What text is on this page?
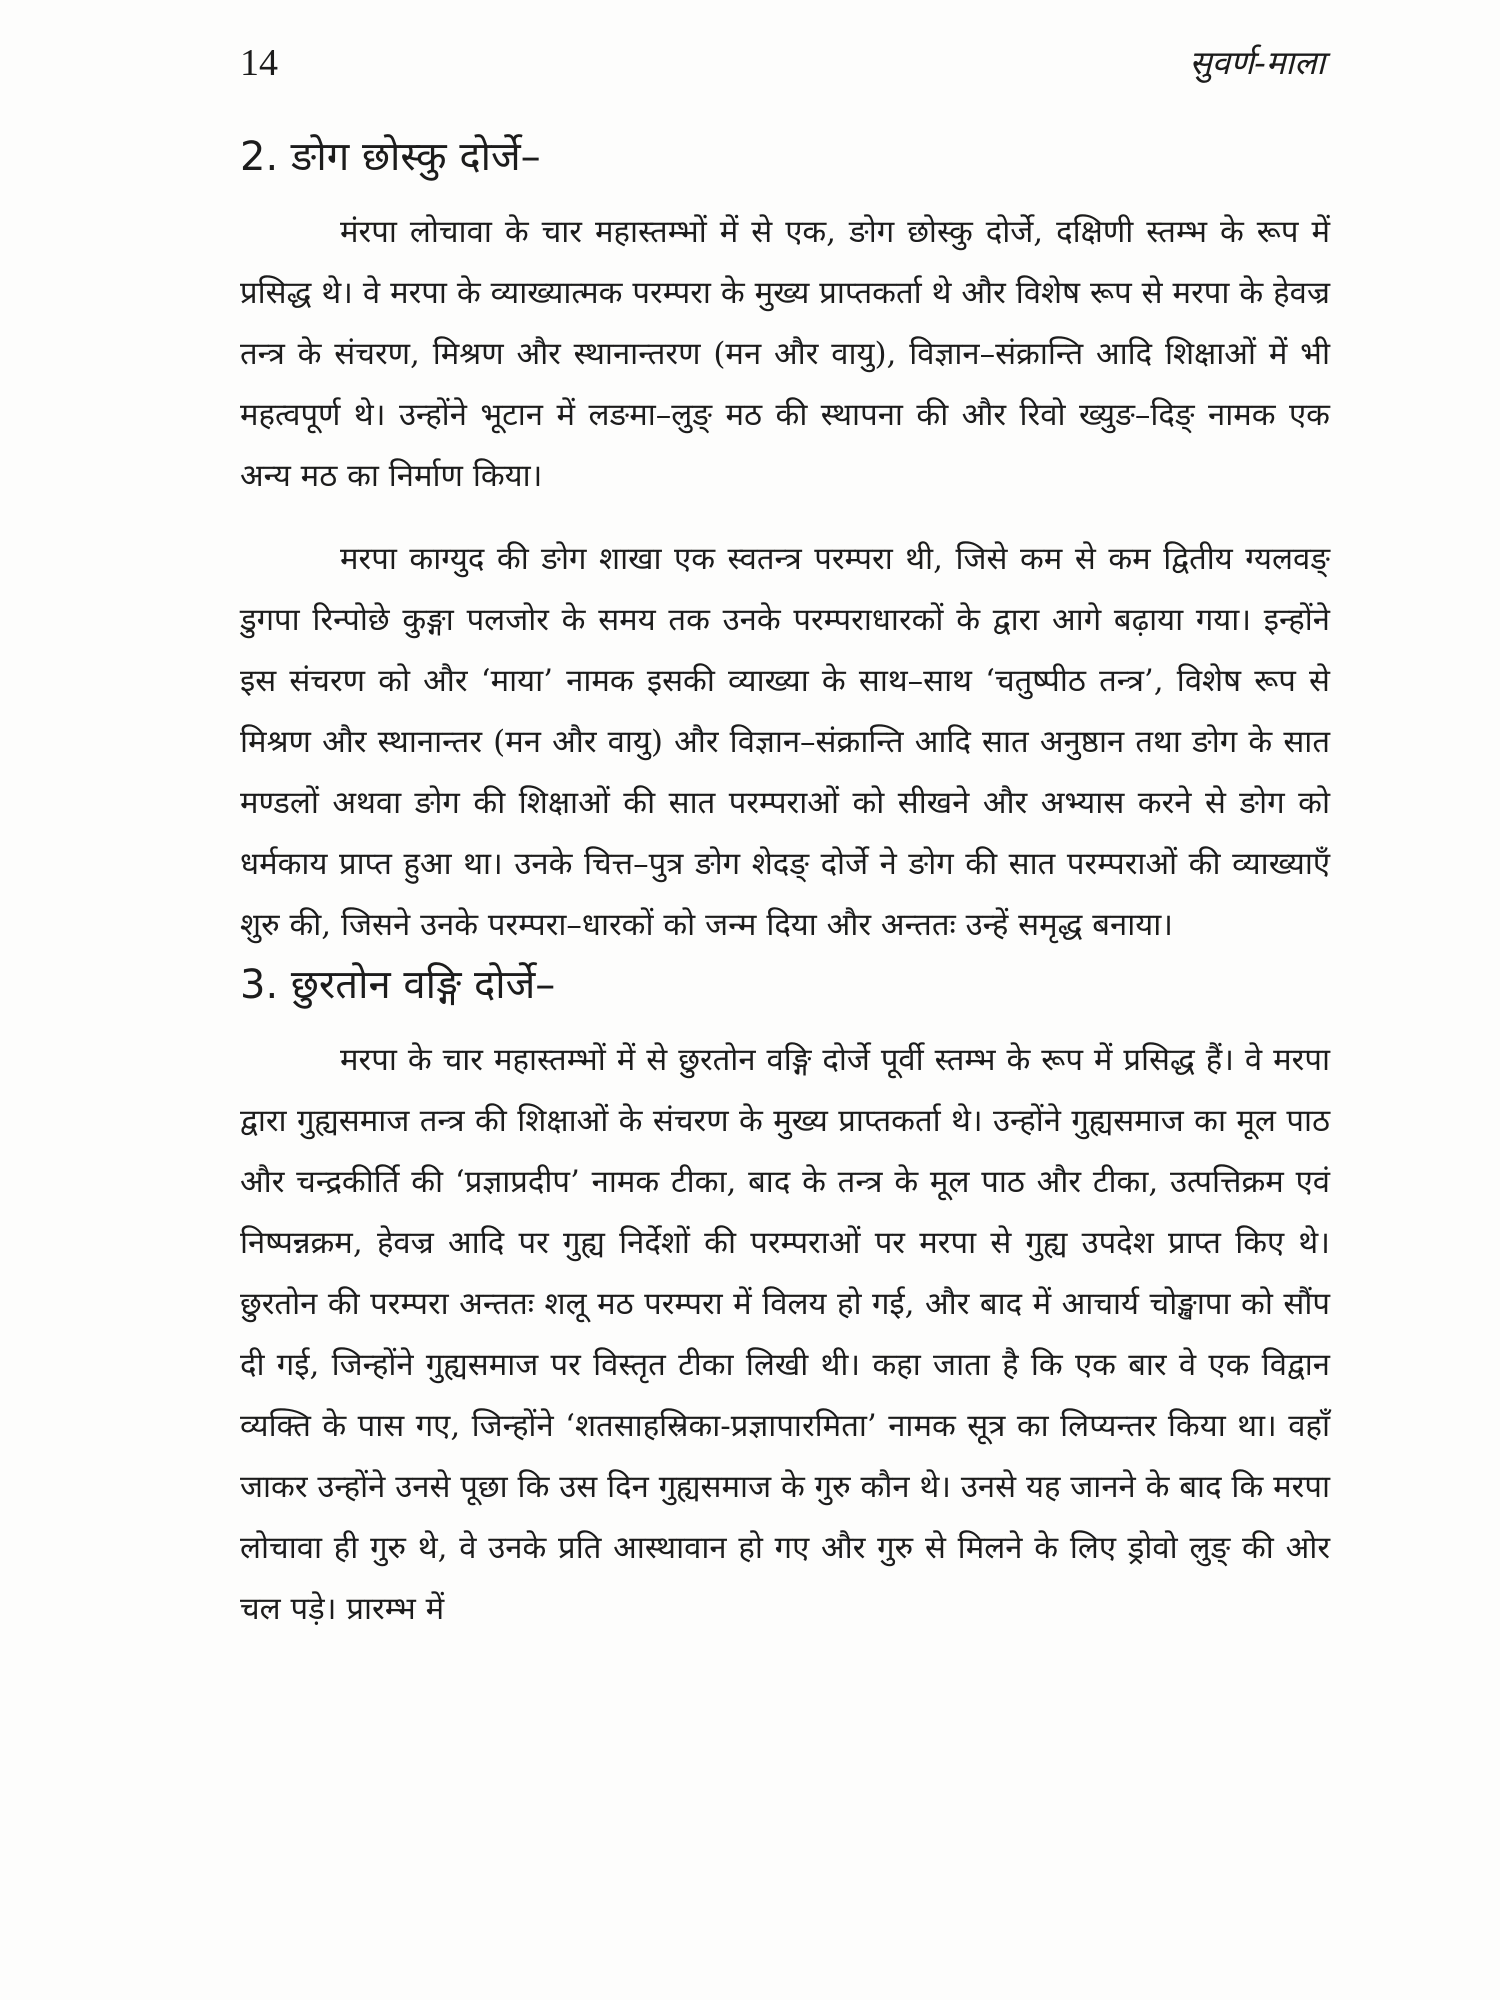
14	सुवर्ण-माला
2. ङोग छोस्कु दोर्जे–

मंरपा लोचावा के चार महास्तम्भों में से एक, ङोग छोस्कु दोर्जे, दक्षिणी स्तम्भ के रूप में प्रसिद्ध थे। वे मरपा के व्याख्यात्मक परम्परा के मुख्य प्राप्तकर्ता थे और विशेष रूप से मरपा के हेवज्र तन्त्र के संचरण, मिश्रण और स्थानान्तरण (मन और वायु), विज्ञान–संक्रान्ति आदि शिक्षाओं में भी महत्वपूर्ण थे। उन्होंने भूटान में लङमा–लुङ् मठ की स्थापना की और रिवो ख्युङ–दिङ् नामक एक अन्य मठ का निर्माण किया।

मरपा काग्युद की ङोग शाखा एक स्वतन्त्र परम्परा थी, जिसे कम से कम द्वितीय ग्यलवङ् डुगपा रिन्पोछे कुङ्गा पलजोर के समय तक उनके परम्पराधारकों के द्वारा आगे बढ़ाया गया। इन्होंने इस संचरण को और ‘माया’ नामक इसकी व्याख्या के साथ–साथ ‘चतुष्पीठ तन्त्र’, विशेष रूप से मिश्रण और स्थानान्तर (मन और वायु) और विज्ञान–संक्रान्ति आदि सात अनुष्ठान तथा ङोग के सात मण्डलों अथवा ङोग की शिक्षाओं की सात परम्पराओं को सीखने और अभ्यास करने से ङोग को धर्मकाय प्राप्त हुआ था। उनके चित्त–पुत्र ङोग शेदङ् दोर्जे ने ङोग की सात परम्पराओं की व्याख्याएँ शुरु की, जिसने उनके परम्परा–धारकों को जन्म दिया और अन्ततः उन्हें समृद्ध बनाया।

3. छुरतोन वङ्गि दोर्जे–

मरपा के चार महास्तम्भों में से छुरतोन वङ्गि दोर्जे पूर्वी स्तम्भ के रूप में प्रसिद्ध हैं। वे मरपा द्वारा गुह्यसमाज तन्त्र की शिक्षाओं के संचरण के मुख्य प्राप्तकर्ता थे। उन्होंने गुह्यसमाज का मूल पाठ और चन्द्रकीर्ति की ‘प्रज्ञाप्रदीप’ नामक टीका, बाद के तन्त्र के मूल पाठ और टीका, उत्पत्तिक्रम एवं निष्पन्नक्रम, हेवज्र आदि पर गुह्य निर्देशों की परम्पराओं पर मरपा से गुह्य उपदेश प्राप्त किए थे। छुरतोन की परम्परा अन्ततः शलू मठ परम्परा में विलय हो गई, और बाद में आचार्य चोङ्खापा को सौंप दी गई, जिन्होंने गुह्यसमाज पर विस्तृत टीका लिखी थी। कहा जाता है कि एक बार वे एक विद्वान व्यक्ति के पास गए, जिन्होंने ‘शतसाहस्रिका-प्रज्ञापारमिता’ नामक सूत्र का लिप्यन्तर किया था। वहाँ जाकर उन्होंने उनसे पूछा कि उस दिन गुह्यसमाज के गुरु कौन थे। उनसे यह जानने के बाद कि मरपा लोचावा ही गुरु थे, वे उनके प्रति आस्थावान हो गए और गुरु से मिलने के लिए ड्रोवो लुङ् की ओर चल पड़े। प्रारम्भ में
